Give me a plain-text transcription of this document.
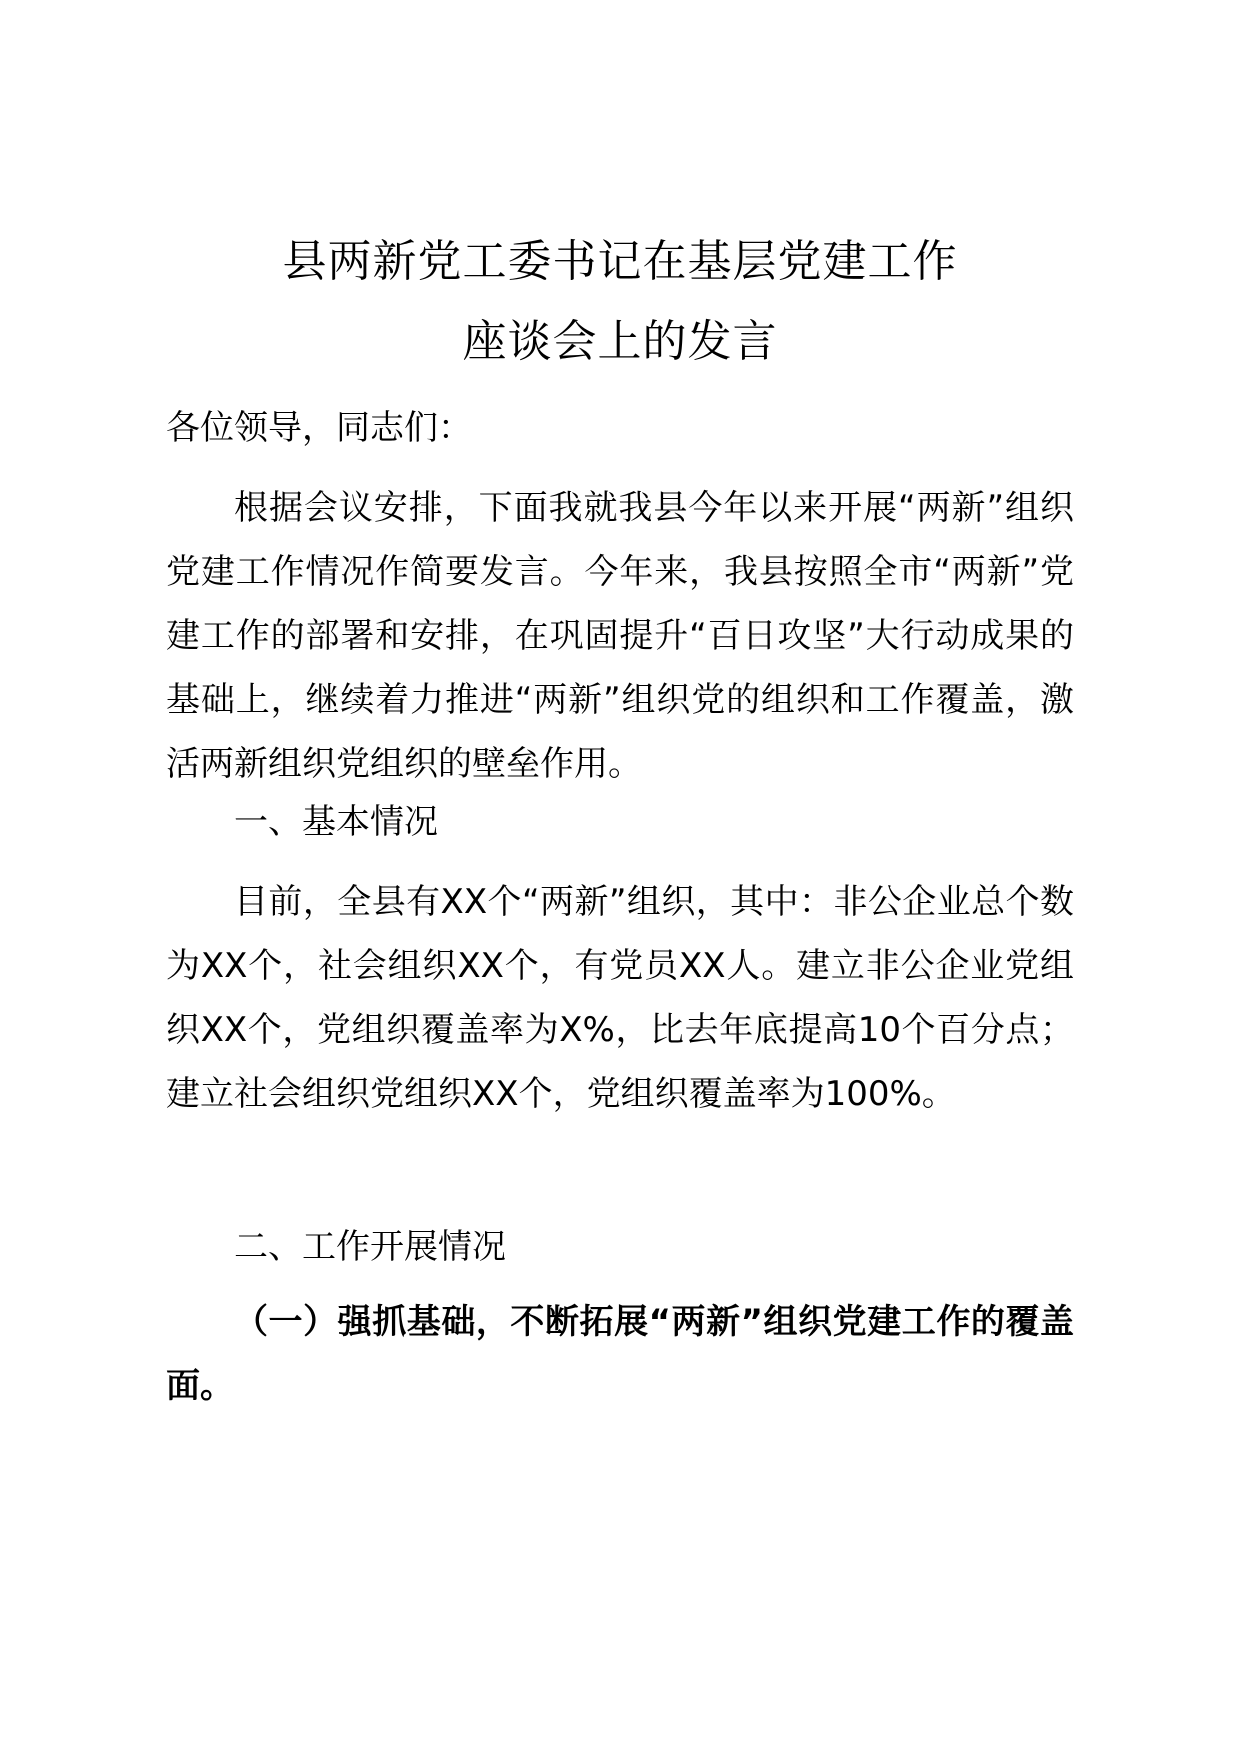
县两新党工委书记在基层党建工作
座谈会上的发言
各位领导，同志们：
根据会议安排，下面我就我县今年以来开展“两新”组织党建工作情况作简要发言。今年来，我县按照全市“两新”党建工作的部署和安排，在巩固提升“百日攻坚”大行动成果的基础上，继续着力推进“两新”组织党的组织和工作覆盖，激活两新组织党组织的壁垒作用。
一、基本情况
目前，全县有XX个“两新”组织，其中：非公企业总个数为XX个，社会组织XX个，有党员XX人。建立非公企业党组织XX个，党组织覆盖率为X%，比去年底提高10个百分点；建立社会组织党组织XX个，党组织覆盖率为100%。
二、工作开展情况
（一）强抓基础，不断拓展“两新”组织党建工作的覆盖面。
